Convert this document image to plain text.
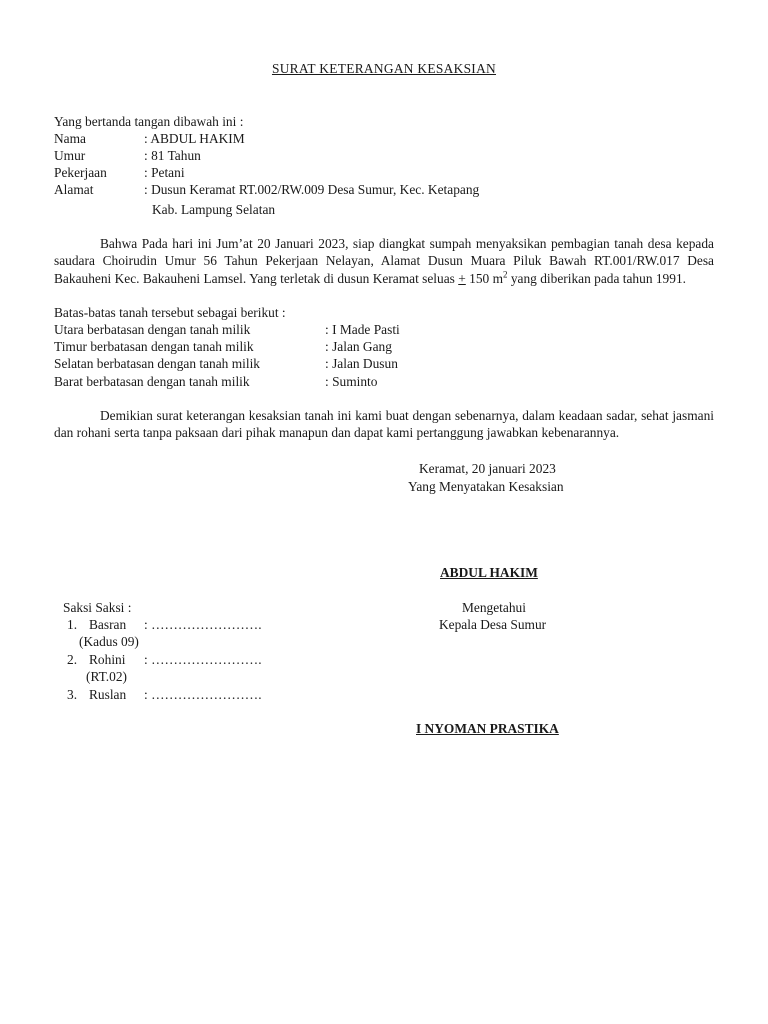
SURAT KETERANGAN KESAKSIAN
Yang bertanda tangan dibawah ini :
Nama	: ABDUL HAKIM
Umur	: 81 Tahun
Pekerjaan	: Petani
Alamat	: Dusun Keramat RT.002/RW.009 Desa Sumur, Kec. Ketapang
Kab. Lampung Selatan

Bahwa Pada hari ini Jum’at 20 Januari 2023, siap diangkat sumpah menyaksikan pembagian tanah desa kepada saudara Choirudin Umur 56 Tahun Pekerjaan Nelayan, Alamat Dusun Muara Piluk Bawah RT.001/RW.017 Desa Bakauheni Kec. Bakauheni Lamsel. Yang terletak di dusun Keramat seluas + 150 $m^2$ yang diberikan pada tahun 1991.

Batas-batas tanah tersebut sebagai berikut :
Utara berbatasan dengan tanah milik	: I Made Pasti
Timur berbatasan dengan tanah milik	: Jalan Gang
Selatan berbatasan dengan tanah milik	: Jalan Dusun
Barat berbatasan dengan tanah milik	: Suminto

Demikian surat keterangan kesaksian tanah ini kami buat dengan sebenarnya, dalam keadaan sadar, sehat jasmani dan rohani serta tanpa paksaan dari pihak manapun dan dapat kami pertanggung jawabkan kebenarannya.

Keramat, 20 januari 2023
Yang Menyatakan Kesaksian
ABDUL HAKIM
Saksi Saksi :
1. Basran : …………………….
(Kadus 09)
2. Rohini : …………………….
(RT.02)
3. Ruslan : …………………….
Mengetahui
Kepala Desa Sumur
I NYOMAN PRASTIKA
